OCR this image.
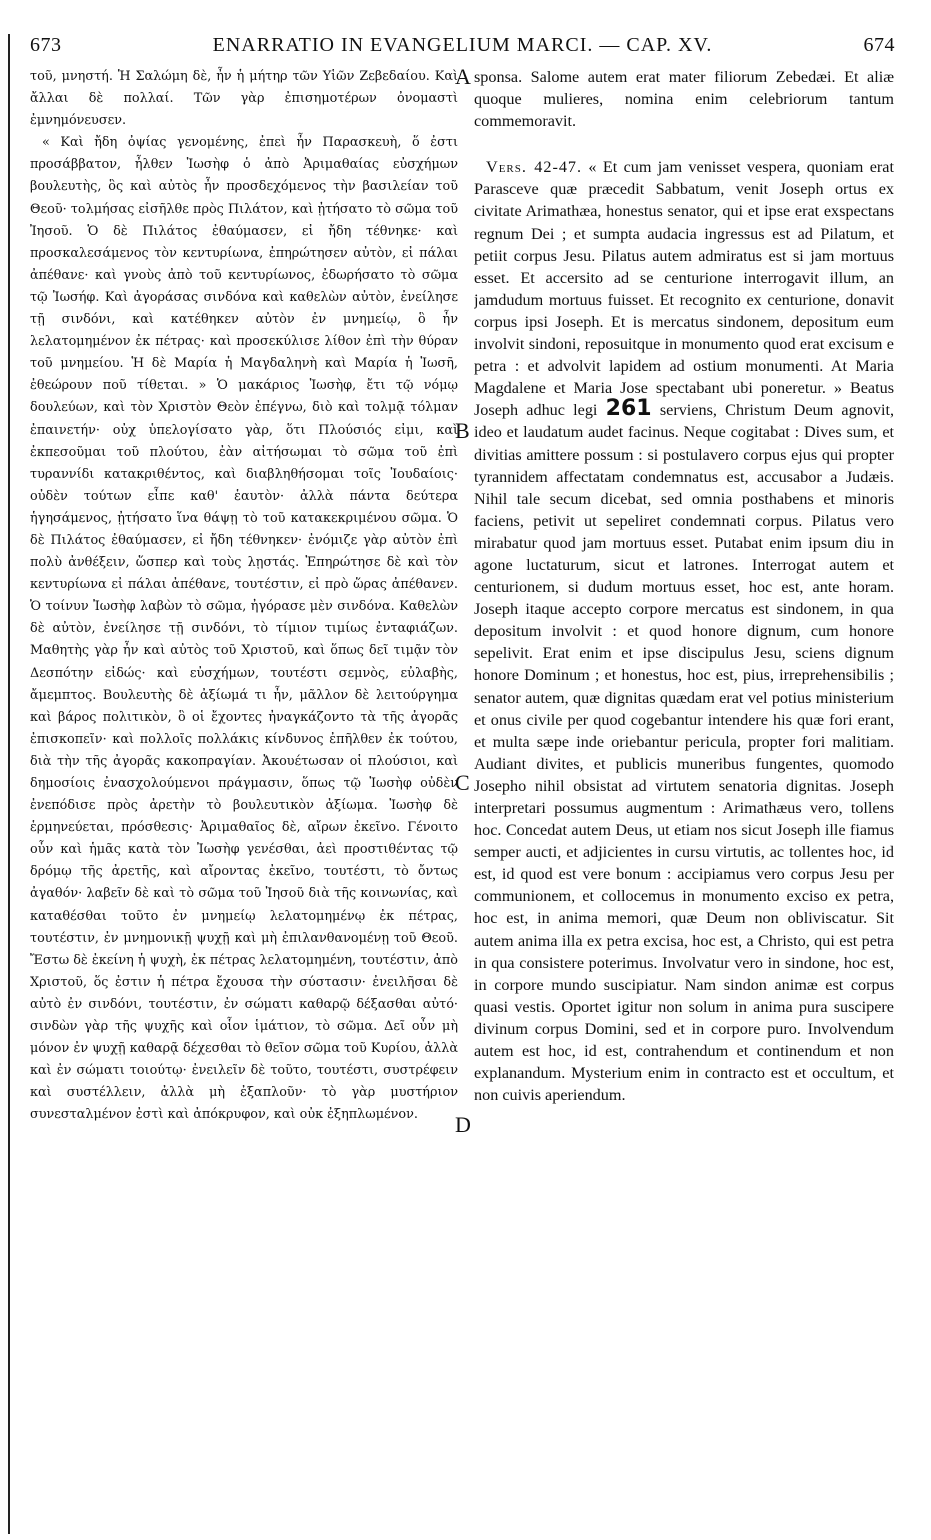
673	ENARRATIO IN EVANGELIUM MARCI. — CAP. XV.	674

τοῦ, μνηστή. Ἡ Σαλώμη δὲ, ἦν ἡ μήτηρ τῶν Υἱῶν Ζεβεδαίου. Καὶ ἄλλαι δὲ πολλαί. Τῶν γὰρ ἐπισημοτέρων ὀνομαστὶ ἐμνημόνευσεν.

« Καὶ ἤδη ὀψίας γενομένης, ἐπεὶ ἦν Παρασκευὴ, ὅ ἐστι προσάββατον, ἦλθεν Ἰωσὴφ ὁ ἀπὸ Ἀριμαθαίας εὐσχήμων βουλευτὴς, ὃς καὶ αὐτὸς ἦν προσδεχόμενος τὴν βασιλείαν τοῦ Θεοῦ· τολμήσας εἰσῆλθε πρὸς Πιλάτον, καὶ ᾐτήσατο τὸ σῶμα τοῦ Ἰησοῦ. Ὁ δὲ Πιλάτος ἐθαύμασεν, εἰ ἤδη τέθνηκε· καὶ προσκαλεσάμενος τὸν κεντυρίωνα, ἐπηρώτησεν αὐτὸν, εἰ πάλαι ἀπέθανε· καὶ γνοὺς ἀπὸ τοῦ κεντυρίωνος, ἐδωρήσατο τὸ σῶμα τῷ Ἰωσήφ. Καὶ ἀγοράσας σινδόνα καὶ καθελὼν αὐτὸν, ἐνείλησε τῇ σινδόνι, καὶ κατέθηκεν αὐτὸν ἐν μνημείῳ, ὃ ἦν λελατομημένον ἐκ πέτρας· καὶ προσεκύλισε λίθον ἐπὶ τὴν θύραν τοῦ μνημείου. Ἡ δὲ Μαρία ἡ Μαγδαληνὴ καὶ Μαρία ἡ Ἰωσῆ, ἐθεώρουν ποῦ τίθεται. » Ὁ μακάριος Ἰωσὴφ, ἔτι τῷ νόμῳ δουλεύων, καὶ τὸν Χριστὸν Θεὸν ἐπέγνω, διὸ καὶ τολμᾷ τόλμαν ἐπαινετήν· οὐχ ὑπελογίσατο γὰρ, ὅτι Πλούσιός εἰμι, καὶ ἐκπεσοῦμαι τοῦ πλούτου, ἐὰν αἰτήσωμαι τὸ σῶμα τοῦ ἐπὶ τυραννίδι κατακριθέντος, καὶ διαβληθήσομαι τοῖς Ἰουδαίοις· οὐδὲν τούτων εἶπε καθ' ἑαυτὸν· ἀλλὰ πάντα δεύτερα ἡγησάμενος, ᾐτήσατο ἵνα θάψῃ τὸ τοῦ κατακεκριμένου σῶμα. Ὁ δὲ Πιλάτος ἐθαύμασεν, εἰ ἤδη τέθνηκεν· ἐνόμιζε γὰρ αὐτὸν ἐπὶ πολὺ ἀνθέξειν, ὥσπερ καὶ τοὺς λῃστάς. Ἐπηρώτησε δὲ καὶ τὸν κεντυρίωνα εἰ πάλαι ἀπέθανε, τουτέστιν, εἰ πρὸ ὥρας ἀπέθανεν. Ὁ τοίνυν Ἰωσὴφ λαβὼν τὸ σῶμα, ἠγόρασε μὲν σινδόνα. Καθελὼν δὲ αὐτὸν, ἐνείλησε τῇ σινδόνι, τὸ τίμιον τιμίως ἐνταφιάζων. Μαθητὴς γὰρ ἦν καὶ αὐτὸς τοῦ Χριστοῦ, καὶ ὅπως δεῖ τιμᾷν τὸν Δεσπότην εἰδώς· καὶ εὐσχήμων, τουτέστι σεμνὸς, εὐλαβὴς, ἄμεμπτος. Βουλευτὴς δὲ ἀξίωμά τι ἦν, μᾶλλον δὲ λειτούργημα καὶ βάρος πολιτικὸν, ὃ οἱ ἔχοντες ἠναγκάζοντο τὰ τῆς ἀγορᾶς ἐπισκοπεῖν· καὶ πολλοῖς πολλάκις κίνδυνος ἐπῆλθεν ἐκ τούτου, διὰ τὴν τῆς ἀγορᾶς κακοπραγίαν. Ἀκουέτωσαν οἱ πλούσιοι, καὶ δημοσίοις ἐνασχολούμενοι πράγμασιν, ὅπως τῷ Ἰωσὴφ οὐδὲν ἐνεπόδισε πρὸς ἀρετὴν τὸ βουλευτικὸν ἀξίωμα. Ἰωσὴφ δὲ ἑρμηνεύεται, πρόσθεσις· Ἀριμαθαῖος δὲ, αἴρων ἐκεῖνο. Γένοιτο οὖν καὶ ἡμᾶς κατὰ τὸν Ἰωσὴφ γενέσθαι, ἀεὶ προστιθέντας τῷ δρόμῳ τῆς ἀρετῆς, καὶ αἴροντας ἐκεῖνο, τουτέστι, τὸ ὄντως ἀγαθόν· λαβεῖν δὲ καὶ τὸ σῶμα τοῦ Ἰησοῦ διὰ τῆς κοινωνίας, καὶ καταθέσθαι τοῦτο ἐν μνημείῳ λελατομημένῳ ἐκ πέτρας, τουτέστιν, ἐν μνημονικῇ ψυχῇ καὶ μὴ ἐπιλανθανομένῃ τοῦ Θεοῦ. Ἔστω δὲ ἐκείνη ἡ ψυχὴ, ἐκ πέτρας λελατομημένη, τουτέστιν, ἀπὸ Χριστοῦ, ὅς ἐστιν ἡ πέτρα ἔχουσα τὴν σύστασιν· ἐνειλῆσαι δὲ αὐτὸ ἐν σινδόνι, τουτέστιν, ἐν σώματι καθαρῷ δέξασθαι αὐτό· σινδὼν γὰρ τῆς ψυχῆς καὶ οἷον ἱμάτιον, τὸ σῶμα. Δεῖ οὖν μὴ μόνον ἐν ψυχῇ καθαρᾷ δέχεσθαι τὸ θεῖον σῶμα τοῦ Κυρίου, ἀλλὰ καὶ ἐν σώματι τοιούτῳ· ἐνειλεῖν δὲ τοῦτο, τουτέστι, συστρέφειν καὶ συστέλλειν, ἀλλὰ μὴ ἐξαπλοῦν· τὸ γὰρ μυστήριον συνεσταλμένον ἐστὶ καὶ ἀπόκρυφον, καὶ οὐκ ἐξηπλωμένον.

A
B
C
D

sponsa. Salome autem erat mater filiorum Zebedæi. Et aliæ quoque mulieres, nomina enim celebriorum tantum commemoravit.

Vers. 42-47. « Et cum jam venisset vespera, quoniam erat Parasceve quæ præcedit Sabbatum, venit Joseph ortus ex civitate Arimathæa, honestus senator, qui et ipse erat exspectans regnum Dei ; et sumpta audacia ingressus est ad Pilatum, et petiit corpus Jesu. Pilatus autem admiratus est si jam mortuus esset. Et accersito ad se centurione interrogavit illum, an jamdudum mortuus fuisset. Et recognito ex centurione, donavit corpus ipsi Joseph. Et is mercatus sindonem, depositum eum involvit sindoni, reposuitque in monumento quod erat excisum e petra : et advolvit lapidem ad ostium monumenti. At Maria Magdalene et Maria Jose spectabant ubi poneretur. » Beatus Joseph adhuc legi 261 serviens, Christum Deum agnovit, ideo et laudatum audet facinus. Neque cogitabat : Dives sum, et divitias amittere possum : si postulavero corpus ejus qui propter tyrannidem affectatam condemnatus est, accusabor a Judæis. Nihil tale secum dicebat, sed omnia posthabens et minoris faciens, petivit ut sepeliret condemnati corpus. Pilatus vero mirabatur quod jam mortuus esset. Putabat enim ipsum diu in agone luctaturum, sicut et latrones. Interrogat autem et centurionem, si dudum mortuus esset, hoc est, ante horam. Joseph itaque accepto corpore mercatus est sindonem, in qua depositum involvit : et quod honore dignum, cum honore sepelivit. Erat enim et ipse discipulus Jesu, sciens dignum honore Dominum ; et honestus, hoc est, pius, irreprehensibilis ; senator autem, quæ dignitas quædam erat vel potius ministerium et onus civile per quod cogebantur intendere his quæ fori erant, et multa sæpe inde oriebantur pericula, propter fori malitiam. Audiant divites, et publicis muneribus fungentes, quomodo Josepho nihil obsistat ad virtutem senatoria dignitas. Joseph interpretari possumus augmentum : Arimathæus vero, tollens hoc. Concedat autem Deus, ut etiam nos sicut Joseph ille fiamus semper aucti, et adjicientes in cursu virtutis, ac tollentes hoc, id est, id quod est vere bonum : accipiamus vero corpus Jesu per communionem, et collocemus in monumento exciso ex petra, hoc est, in anima memori, quæ Deum non obliviscatur. Sit autem anima illa ex petra excisa, hoc est, a Christo, qui est petra in qua consistere poterimus. Involvatur vero in sindone, hoc est, in corpore mundo suscipiatur. Nam sindon animæ est corpus quasi vestis. Oportet igitur non solum in anima pura suscipere divinum corpus Domini, sed et in corpore puro. Involvendum autem est hoc, id est, contrahendum et continendum et non explanandum. Mysterium enim in contracto est et occultum, et non cuivis aperiendum.
